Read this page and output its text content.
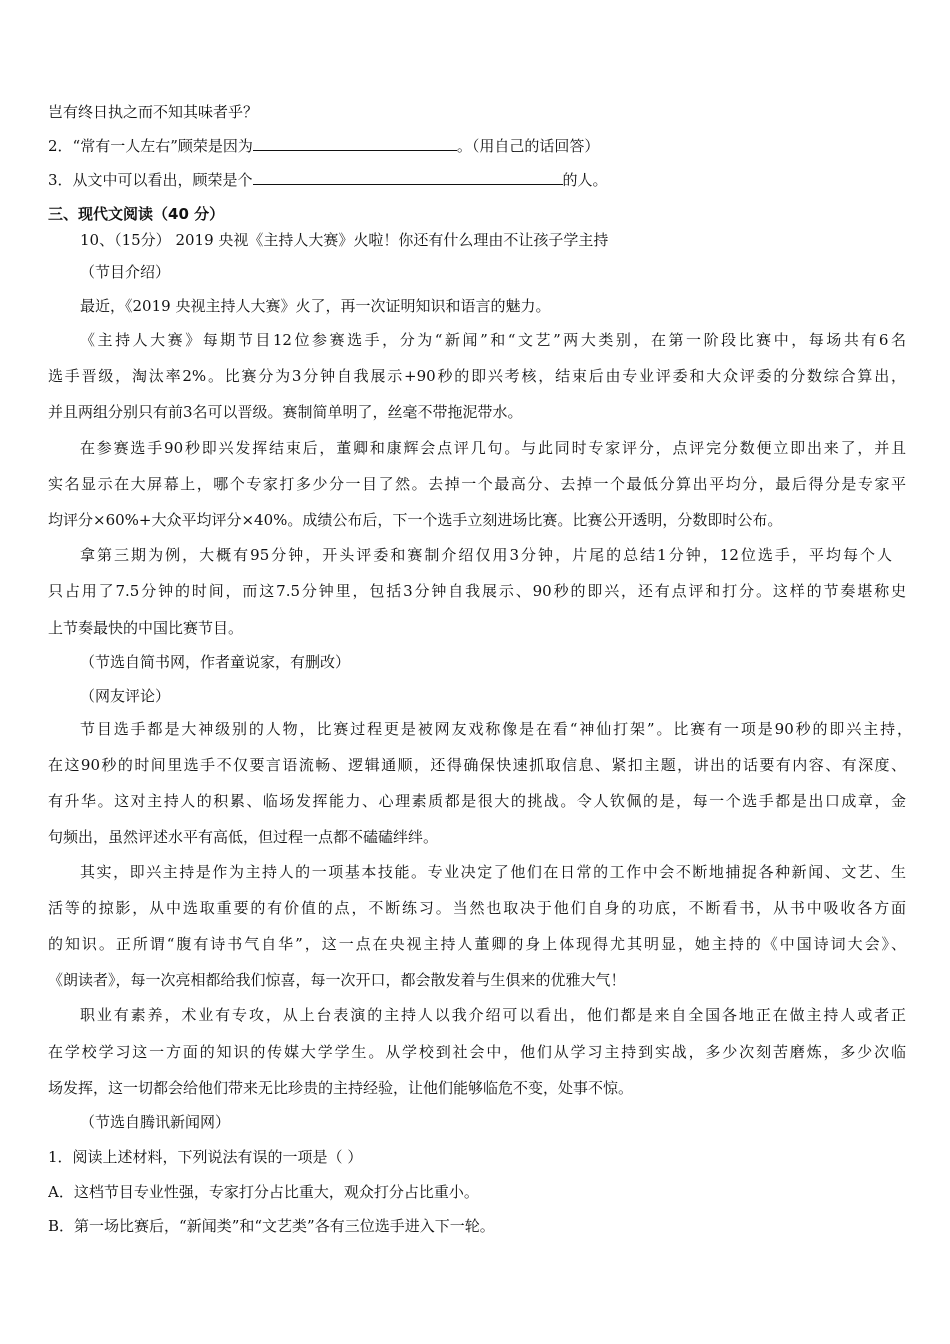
岂有终日执之而不知其味者乎？
2．“常有一人左右”顾荣是因为	。（用自己的话回答）
3．从文中可以看出，顾荣是个	的人。
三、现代文阅读（40 分）
10、（15分） 2019 央视《主持人大赛》火啦！你还有什么理由不让孩子学主持
（节目介绍）
最近，《2019 央视主持人大赛》火了，再一次证明知识和语言的魅力。
《主持人大赛》每期节目12位参赛选手，分为“新闻”和“文艺”两大类别，在第一阶段比赛中，每场共有6名
选手晋级，淘汰率2%。比赛分为3分钟自我展示+90秒的即兴考核，结束后由专业评委和大众评委的分数综合算出，
并且两组分别只有前3名可以晋级。赛制简单明了，丝毫不带拖泥带水。
在参赛选手90秒即兴发挥结束后，董卿和康辉会点评几句。与此同时专家评分，点评完分数便立即出来了，并且
实名显示在大屏幕上，哪个专家打多少分一目了然。去掉一个最高分、去掉一个最低分算出平均分，最后得分是专家平
均评分×60%+大众平均评分×40%。成绩公布后，下一个选手立刻进场比赛。比赛公开透明，分数即时公布。
拿第三期为例，大概有95分钟，开头评委和赛制介绍仅用3分钟，片尾的总结1分钟，12位选手，平均每个人
只占用了7.5分钟的时间，而这7.5分钟里，包括3分钟自我展示、90秒的即兴，还有点评和打分。这样的节奏堪称史
上节奏最快的中国比赛节目。
（节选自简书网，作者童说家，有删改）
（网友评论）
节目选手都是大神级别的人物，比赛过程更是被网友戏称像是在看“神仙打架”。比赛有一项是90秒的即兴主持，
在这90秒的时间里选手不仅要言语流畅、逻辑通顺，还得确保快速抓取信息、紧扣主题，讲出的话要有内容、有深度、
有升华。这对主持人的积累、临场发挥能力、心理素质都是很大的挑战。令人钦佩的是，每一个选手都是出口成章，金
句频出，虽然评述水平有高低，但过程一点都不磕磕绊绊。
其实，即兴主持是作为主持人的一项基本技能。专业决定了他们在日常的工作中会不断地捕捉各种新闻、文艺、生
活等的掠影，从中选取重要的有价值的点，不断练习。当然也取决于他们自身的功底，不断看书，从书中吸收各方面
的知识。正所谓“腹有诗书气自华”，这一点在央视主持人董卿的身上体现得尤其明显，她主持的《中国诗词大会》、
《朗读者》，每一次亮相都给我们惊喜，每一次开口，都会散发着与生俱来的优雅大气！
职业有素养，术业有专攻，从上台表演的主持人以我介绍可以看出，他们都是来自全国各地正在做主持人或者正
在学校学习这一方面的知识的传媒大学学生。从学校到社会中，他们从学习主持到实战，多少次刻苦磨炼，多少次临
场发挥，这一切都会给他们带来无比珍贵的主持经验，让他们能够临危不变，处事不惊。
（节选自腾讯新闻网）
1．阅读上述材料，下列说法有误的一项是（ ）
A．这档节目专业性强，专家打分占比重大，观众打分占比重小。
B．第一场比赛后，“新闻类”和“文艺类”各有三位选手进入下一轮。
